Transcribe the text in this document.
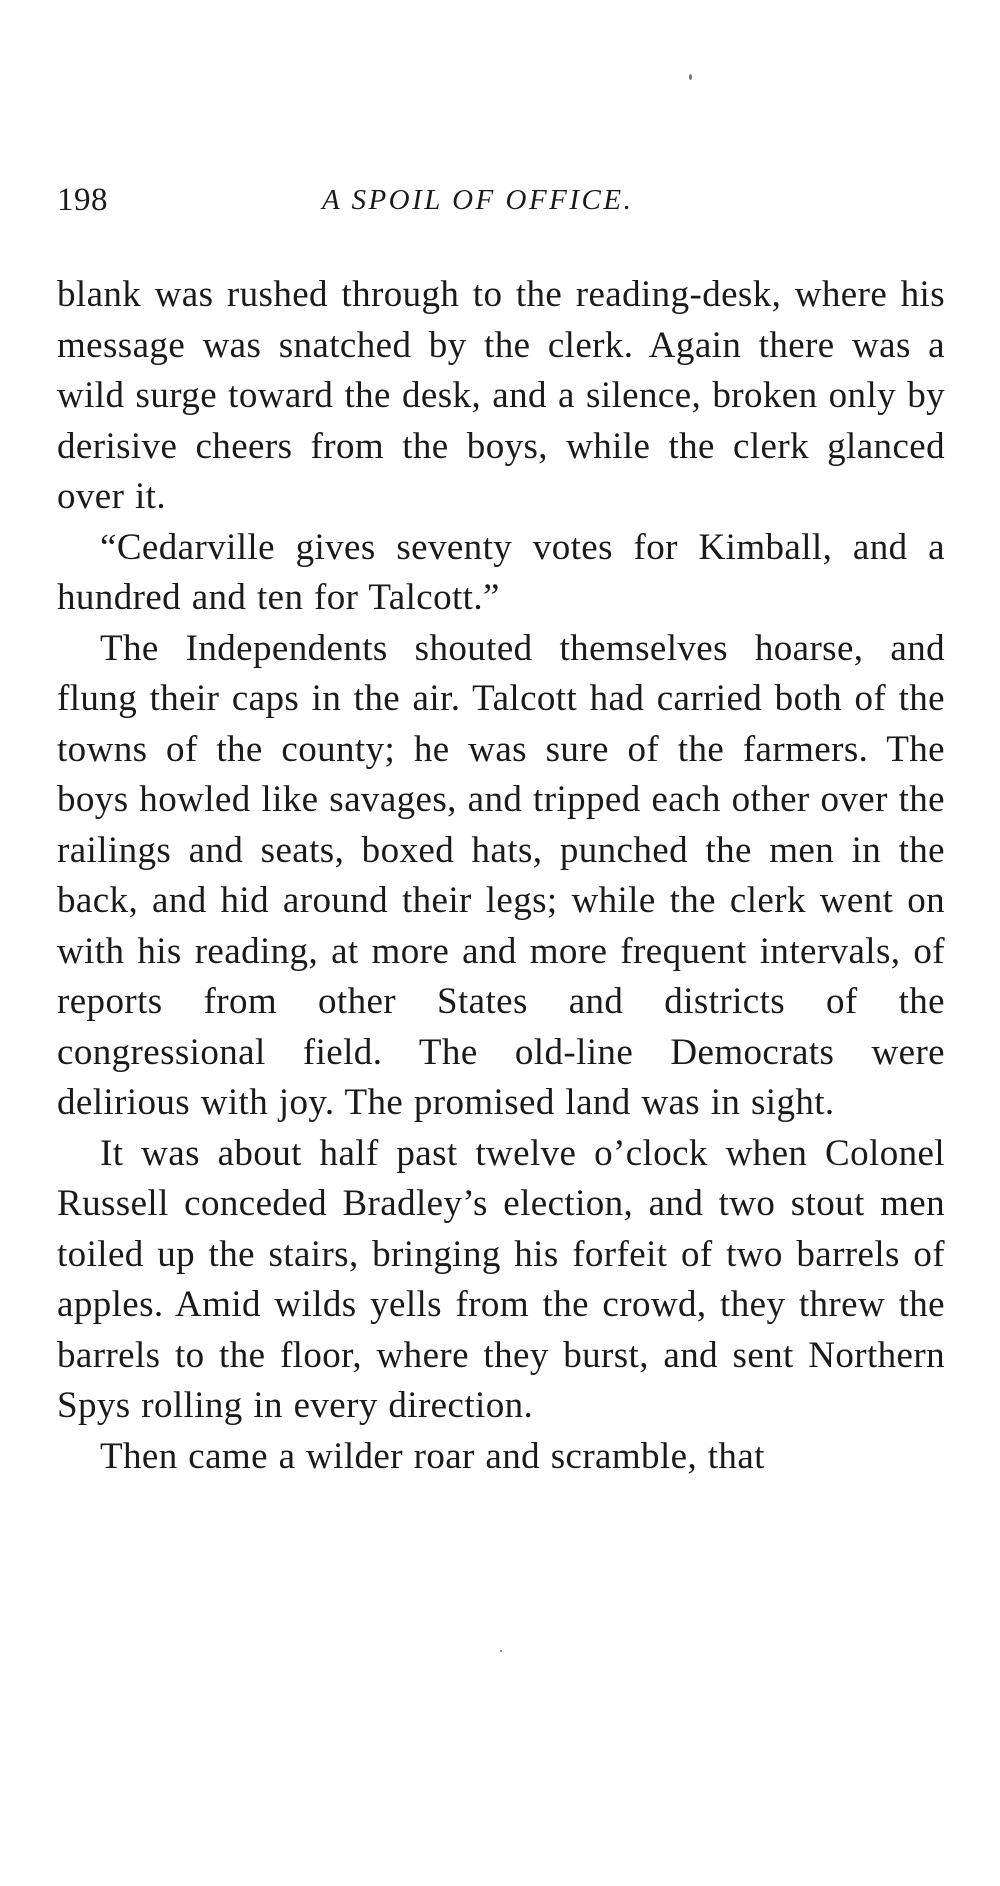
198	A SPOIL OF OFFICE.

blank was rushed through to the reading-desk, where his message was snatched by the clerk. Again there was a wild surge toward the desk, and a silence, broken only by derisive cheers from the boys, while the clerk glanced over it.

“Cedarville gives seventy votes for Kimball, and a hundred and ten for Talcott.”

The Independents shouted themselves hoarse, and flung their caps in the air. Talcott had carried both of the towns of the county; he was sure of the farmers. The boys howled like savages, and tripped each other over the railings and seats, boxed hats, punched the men in the back, and hid around their legs; while the clerk went on with his reading, at more and more frequent intervals, of reports from other States and districts of the congressional field. The old-line Democrats were delirious with joy. The promised land was in sight.

It was about half past twelve o’clock when Colonel Russell conceded Bradley’s election, and two stout men toiled up the stairs, bringing his forfeit of two barrels of apples. Amid wilds yells from the crowd, they threw the barrels to the floor, where they burst, and sent Northern Spys rolling in every direction.

Then came a wilder roar and scramble, that
